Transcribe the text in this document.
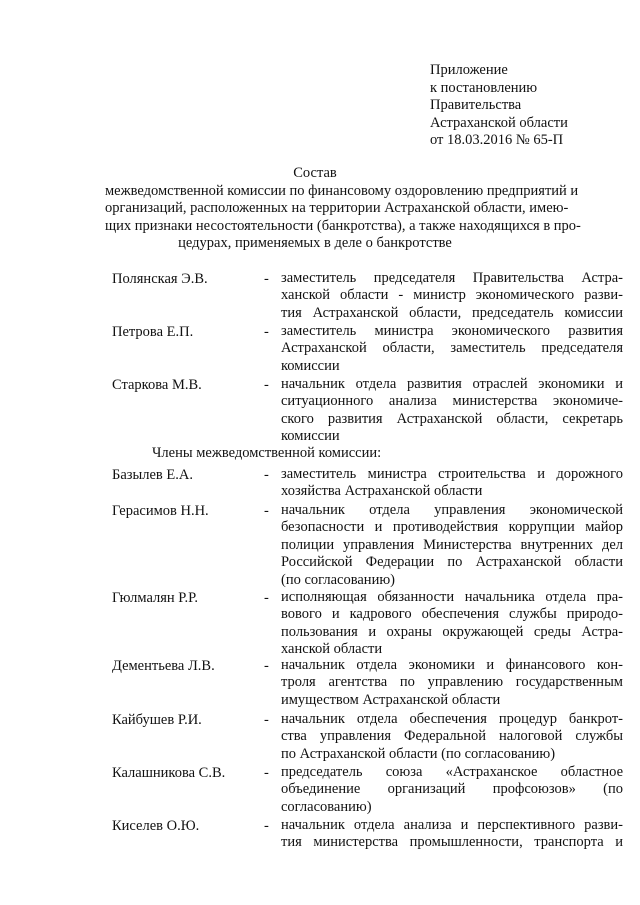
Приложение
к постановлению
Правительства
Астраханской области
от 18.03.2016 № 65-П
Состав
межведомственной комиссии по финансовому оздоровлению предприятий и
организаций, расположенных на территории Астраханской области, имею-
щих признаки несостоятельности (банкротства), а также находящихся в про-
цедурах, применяемых в деле о банкротстве
Полянская Э.В.	- заместитель председателя Правительства Астра-
ханской области - министр экономического разви-
тия Астраханской области, председатель комиссии
Петрова Е.П.	- заместитель министра экономического развития
Астраханской области, заместитель председателя
комиссии
Старкова М.В.	- начальник отдела развития отраслей экономики и
ситуационного анализа министерства экономиче-
ского развития Астраханской области, секретарь
комиссии
Члены межведомственной комиссии:
Базылев Е.А.	- заместитель министра строительства и дорожного
хозяйства Астраханской области
Герасимов Н.Н.	- начальник отдела управления экономической
безопасности и противодействия коррупции майор
полиции управления Министерства внутренних дел
Российской Федерации по Астраханской области
(по согласованию)
Гюлмалян Р.Р.	- исполняющая обязанности начальника отдела пра-
вового и кадрового обеспечения службы природо-
пользования и охраны окружающей среды Астра-
ханской области
Дементьева Л.В.	- начальник отдела экономики и финансового кон-
троля агентства по управлению государственным
имуществом Астраханской области
Кайбушев Р.И.	- начальник отдела обеспечения процедур банкрот-
ства управления Федеральной налоговой службы
по Астраханской области (по согласованию)
Калашникова С.В.	- председатель союза «Астраханское областное
объединение организаций профсоюзов» (по
согласованию)
Киселев О.Ю.	- начальник отдела анализа и перспективного разви-
тия министерства промышленности, транспорта и
